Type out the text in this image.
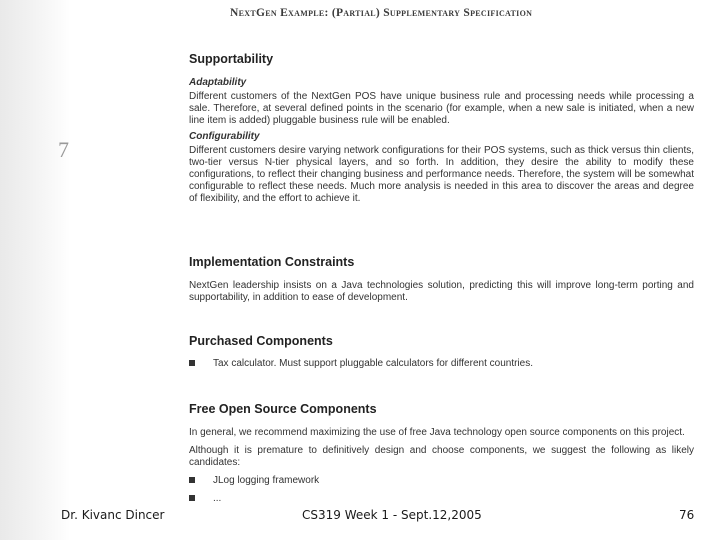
7
NextGen Example: (Partial) Supplementary Specification
Supportability
Adaptability

Different customers of the NextGen POS have unique business rule and processing needs while processing a sale. Therefore, at several defined points in the scenario (for example, when a new sale is initiated, when a new line item is added) pluggable business rule will be enabled.

Configurability

Different customers desire varying network configurations for their POS systems, such as thick versus thin clients, two-tier versus N-tier physical layers, and so forth. In addition, they desire the ability to modify these configurations, to reflect their changing business and performance needs. Therefore, the system will be somewhat configurable to reflect these needs. Much more analysis is needed in this area to discover the areas and degree of flexibility, and the effort to achieve it.

Implementation Constraints

NextGen leadership insists on a Java technologies solution, predicting this will improve long-term porting and supportability, in addition to ease of development.

Purchased Components
Tax calculator. Must support pluggable calculators for different countries.
Free Open Source Components

In general, we recommend maximizing the use of free Java technology open source components on this project.

Although it is premature to definitively design and choose components, we suggest the following as likely candidates:

JLog logging framework
...
Dr. Kivanc Dincer	CS319 Week 1 - Sept.12,2005	76
